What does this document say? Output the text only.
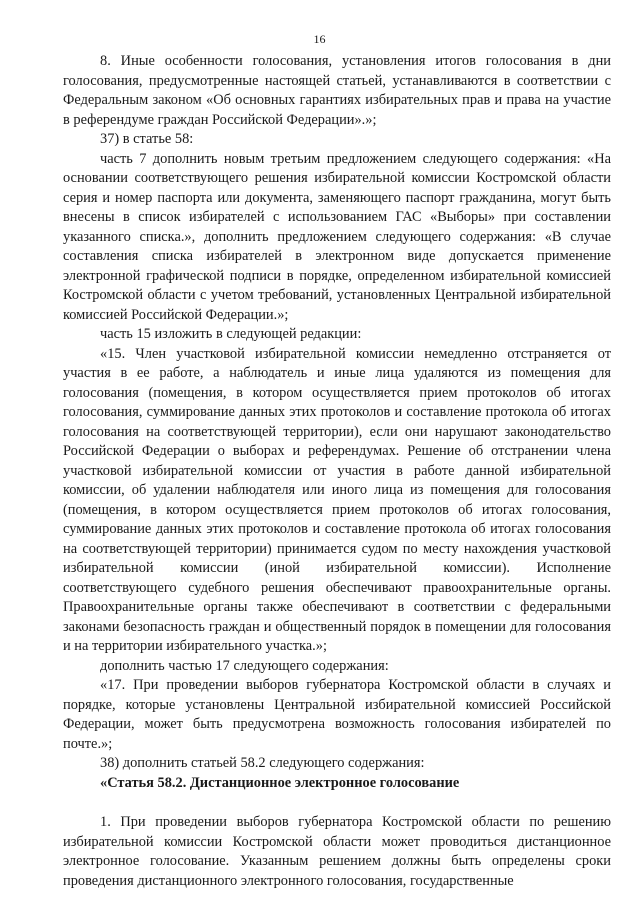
16

8. Иные особенности голосования, установления итогов голосования в дни голосования, предусмотренные настоящей статьей, устанавливаются в соответствии с Федеральным законом «Об основных гарантиях избирательных прав и права на участие в референдуме граждан Российской Федерации».»;

37) в статье 58:

часть 7 дополнить новым третьим предложением следующего содержания: «На основании соответствующего решения избирательной комиссии Костромской области серия и номер паспорта или документа, заменяющего паспорт гражданина, могут быть внесены в список избирателей с использованием ГАС «Выборы» при составлении указанного списка.», дополнить предложением следующего содержания: «В случае составления списка избирателей в электронном виде допускается применение электронной графической подписи в порядке, определенном избирательной комиссией Костромской области с учетом требований, установленных Центральной избирательной комиссией Российской Федерации.»;

часть 15 изложить в следующей редакции:

«15. Член участковой избирательной комиссии немедленно отстраняется от участия в ее работе, а наблюдатель и иные лица удаляются из помещения для голосования (помещения, в котором осуществляется прием протоколов об итогах голосования, суммирование данных этих протоколов и составление протокола об итогах голосования на соответствующей территории), если они нарушают законодательство Российской Федерации о выборах и референдумах. Решение об отстранении члена участковой избирательной комиссии от участия в работе данной избирательной комиссии, об удалении наблюдателя или иного лица из помещения для голосования (помещения, в котором осуществляется прием протоколов об итогах голосования, суммирование данных этих протоколов и составление протокола об итогах голосования на соответствующей территории) принимается судом по месту нахождения участковой избирательной комиссии (иной избирательной комиссии). Исполнение соответствующего судебного решения обеспечивают правоохранительные органы. Правоохранительные органы также обеспечивают в соответствии с федеральными законами безопасность граждан и общественный порядок в помещении для голосования и на территории избирательного участка.»;

дополнить частью 17 следующего содержания:

«17. При проведении выборов губернатора Костромской области в случаях и порядке, которые установлены Центральной избирательной комиссией Российской Федерации, может быть предусмотрена возможность голосования избирателей по почте.»;

38) дополнить статьей 58.2 следующего содержания:

«Статья 58.2. Дистанционное электронное голосование

1. При проведении выборов губернатора Костромской области по решению избирательной комиссии Костромской области может проводиться дистанционное электронное голосование. Указанным решением должны быть определены сроки проведения дистанционного электронного голосования, государственные
